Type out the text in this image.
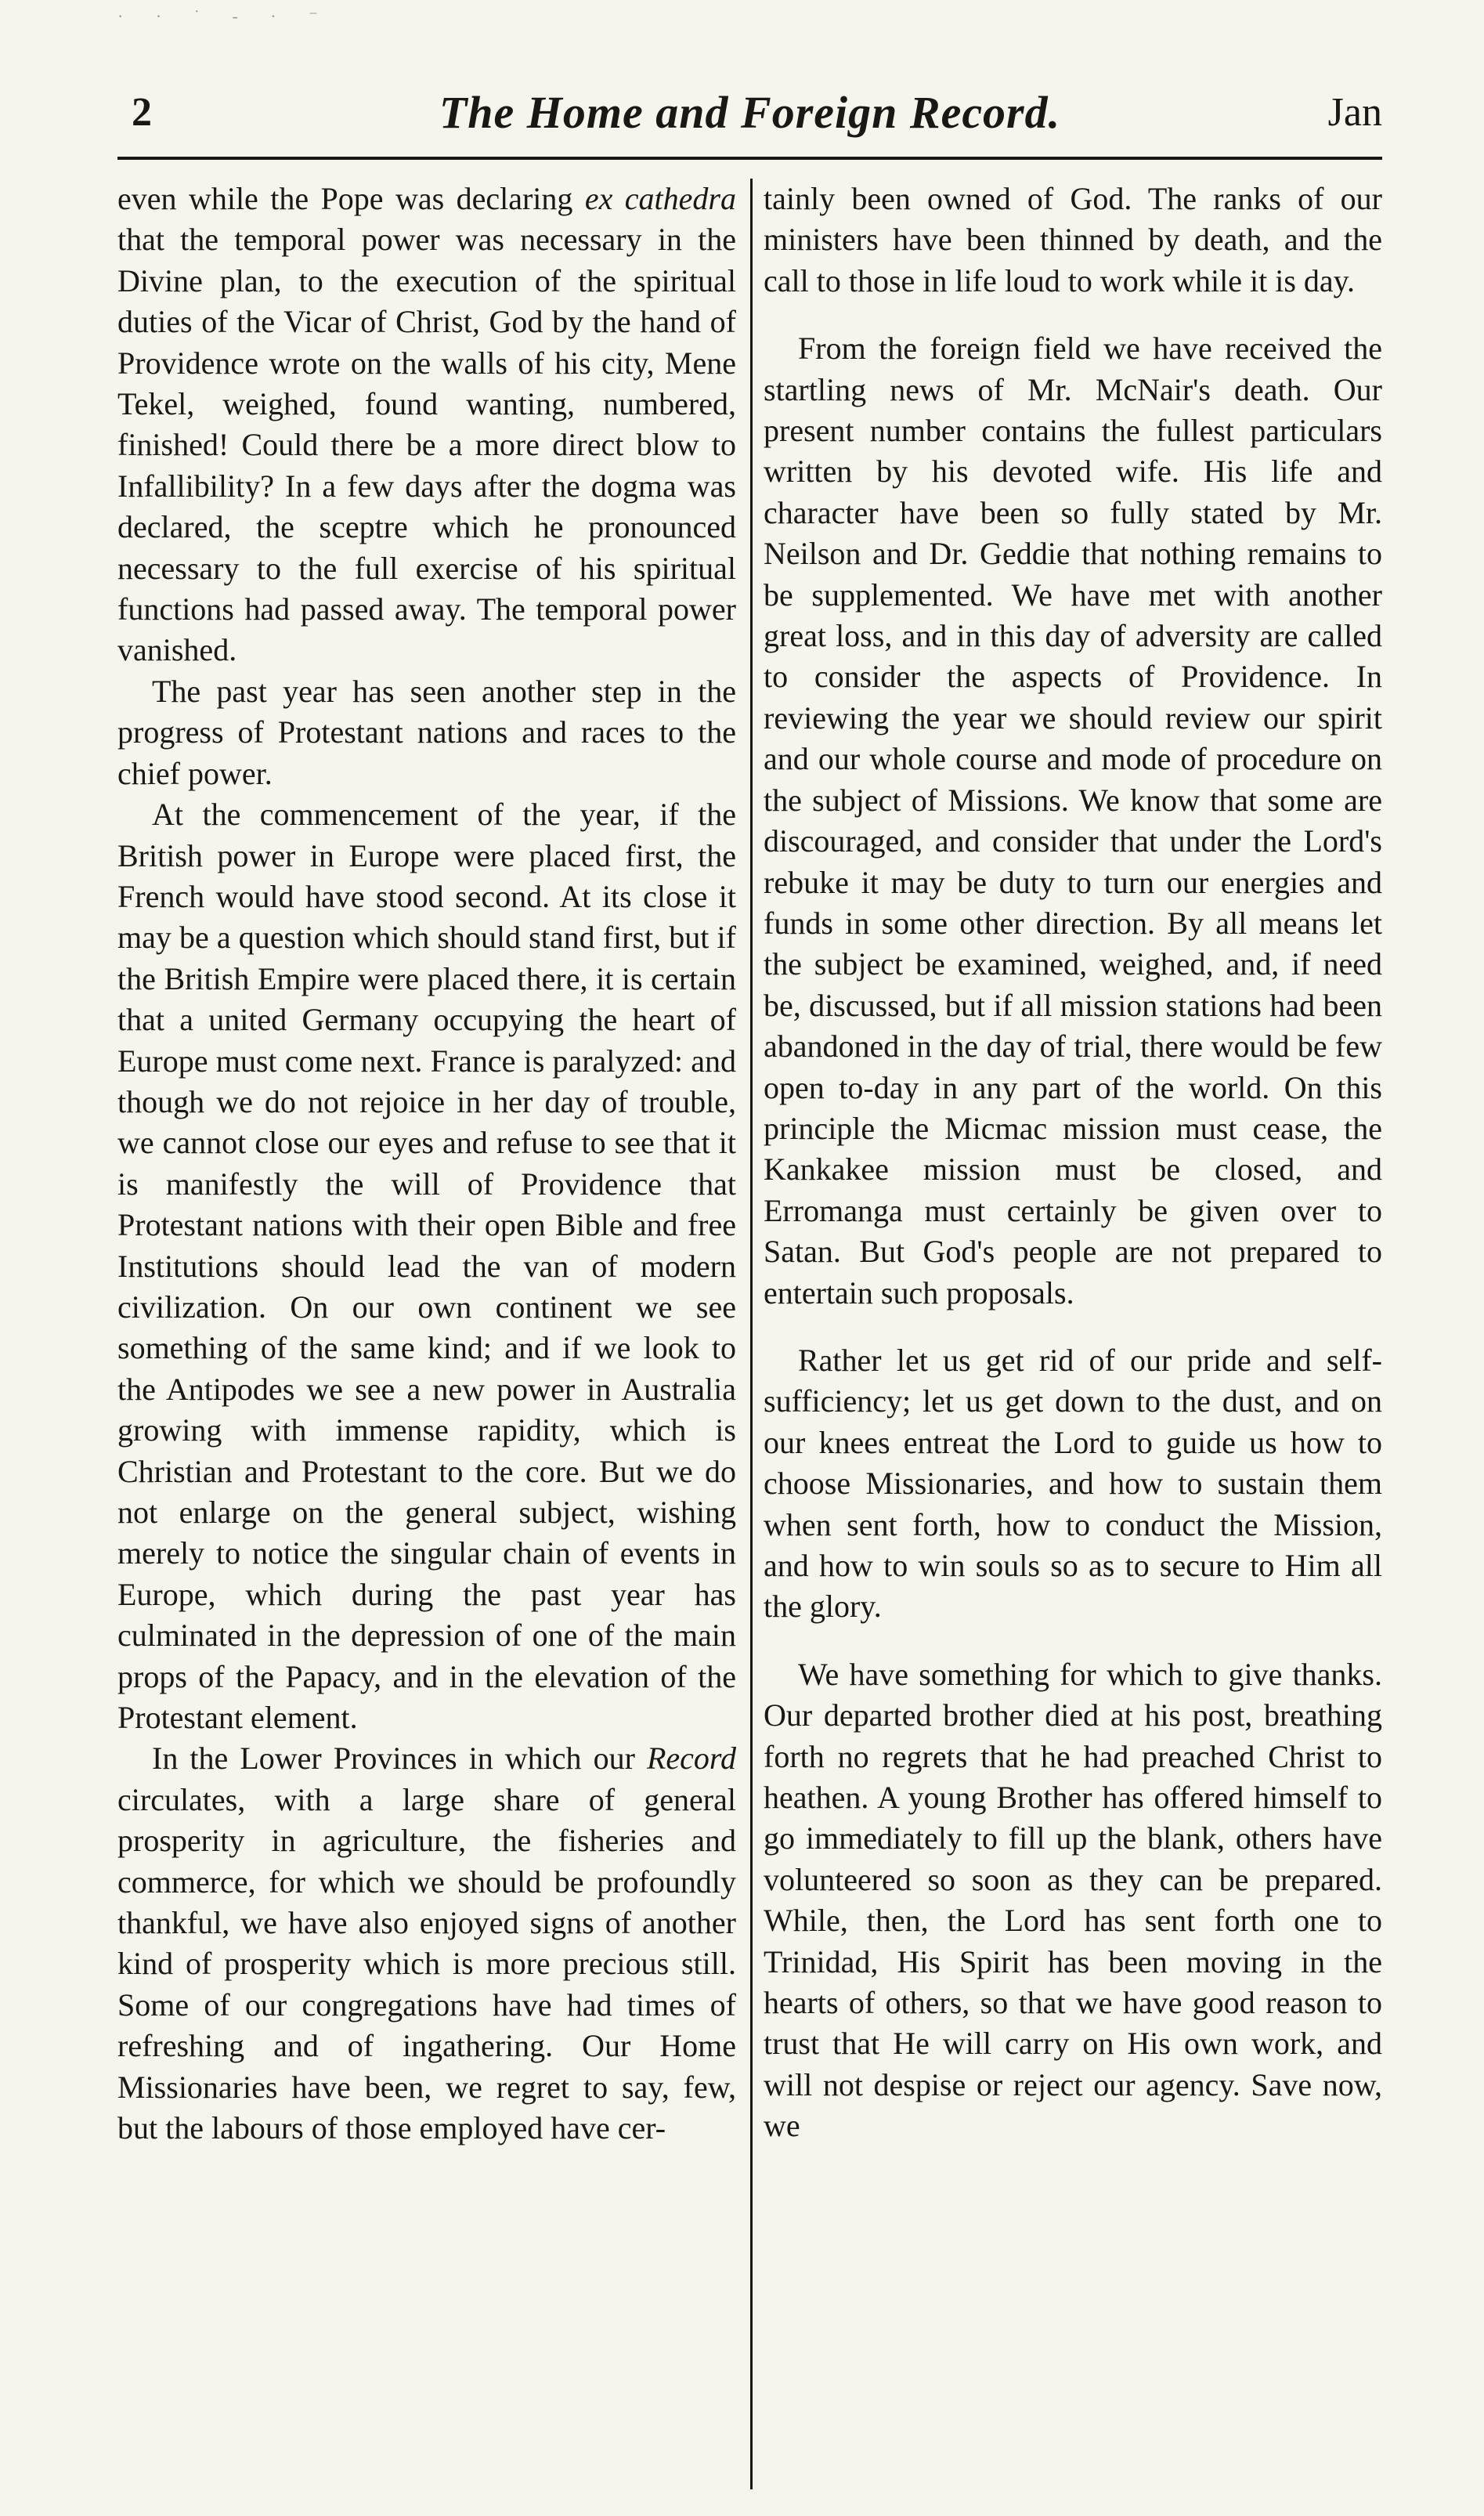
· · ˙ - · ⁻
2	The Home and Foreign Record.	Jan

even while the Pope was declaring ex cathedra that the temporal power was necessary in the Divine plan, to the execution of the spiritual duties of the Vicar of Christ, God by the hand of Providence wrote on the walls of his city, Mene Tekel, weighed, found wanting, numbered, finished! Could there be a more direct blow to Infallibility? In a few days after the dogma was declared, the sceptre which he pronounced necessary to the full exercise of his spiritual functions had passed away. The temporal power vanished.

The past year has seen another step in the progress of Protestant nations and races to the chief power.

At the commencement of the year, if the British power in Europe were placed first, the French would have stood second. At its close it may be a question which should stand first, but if the British Empire were placed there, it is certain that a united Germany occupying the heart of Europe must come next. France is paralyzed: and though we do not rejoice in her day of trouble, we cannot close our eyes and refuse to see that it is manifestly the will of Providence that Protestant nations with their open Bible and free Institutions should lead the van of modern civilization. On our own continent we see something of the same kind; and if we look to the Antipodes we see a new power in Australia growing with immense rapidity, which is Christian and Protestant to the core. But we do not enlarge on the general subject, wishing merely to notice the singular chain of events in Europe, which during the past year has culminated in the depression of one of the main props of the Papacy, and in the elevation of the Protestant element.

In the Lower Provinces in which our Record circulates, with a large share of general prosperity in agriculture, the fisheries and commerce, for which we should be profoundly thankful, we have also enjoyed signs of another kind of prosperity which is more precious still. Some of our congregations have had times of refreshing and of ingathering. Our Home Missionaries have been, we regret to say, few, but the labours of those employed have cer-

tainly been owned of God. The ranks of our ministers have been thinned by death, and the call to those in life loud to work while it is day.

From the foreign field we have received the startling news of Mr. McNair's death. Our present number contains the fullest particulars written by his devoted wife. His life and character have been so fully stated by Mr. Neilson and Dr. Geddie that nothing remains to be supplemented. We have met with another great loss, and in this day of adversity are called to consider the aspects of Providence. In reviewing the year we should review our spirit and our whole course and mode of procedure on the subject of Missions. We know that some are discouraged, and consider that under the Lord's rebuke it may be duty to turn our energies and funds in some other direction. By all means let the subject be examined, weighed, and, if need be, discussed, but if all mission stations had been abandoned in the day of trial, there would be few open to-day in any part of the world. On this principle the Micmac mission must cease, the Kankakee mission must be closed, and Erromanga must certainly be given over to Satan. But God's people are not prepared to entertain such proposals.

Rather let us get rid of our pride and self-sufficiency; let us get down to the dust, and on our knees entreat the Lord to guide us how to choose Missionaries, and how to sustain them when sent forth, how to conduct the Mission, and how to win souls so as to secure to Him all the glory.

We have something for which to give thanks. Our departed brother died at his post, breathing forth no regrets that he had preached Christ to heathen. A young Brother has offered himself to go immediately to fill up the blank, others have volunteered so soon as they can be prepared. While, then, the Lord has sent forth one to Trinidad, His Spirit has been moving in the hearts of others, so that we have good reason to trust that He will carry on His own work, and will not despise or reject our agency. Save now, we
